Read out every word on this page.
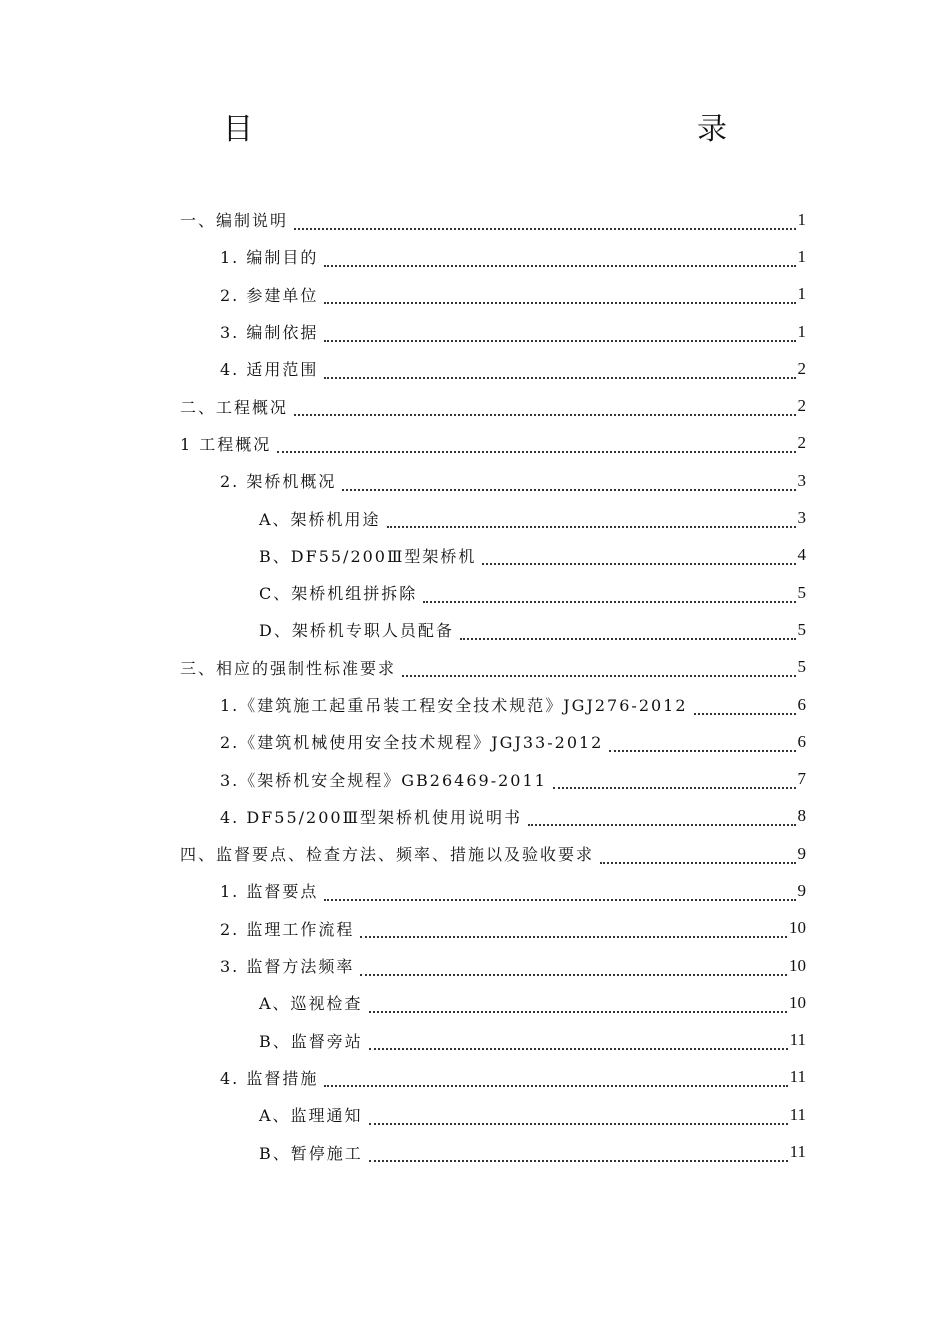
目　　录
一、编制说明	1
1. 编制目的	1
2. 参建单位	1
3. 编制依据	1
4. 适用范围	2
二、工程概况	2
1 工程概况	2
2. 架桥机概况	3
A、架桥机用途	3
B、DF55/200Ⅲ型架桥机	4
C、架桥机组拼拆除	5
D、架桥机专职人员配备	5
三、相应的强制性标准要求	5
1.《建筑施工起重吊装工程安全技术规范》JGJ276-2012	6
2.《建筑机械使用安全技术规程》JGJ33-2012	6
3.《架桥机安全规程》GB26469-2011	7
4. DF55/200Ⅲ型架桥机使用说明书	8
四、监督要点、检查方法、频率、措施以及验收要求	9
1. 监督要点	9
2. 监理工作流程	10
3. 监督方法频率	10
A、巡视检查	10
B、监督旁站	11
4. 监督措施	11
A、监理通知	11
B、暂停施工	11
